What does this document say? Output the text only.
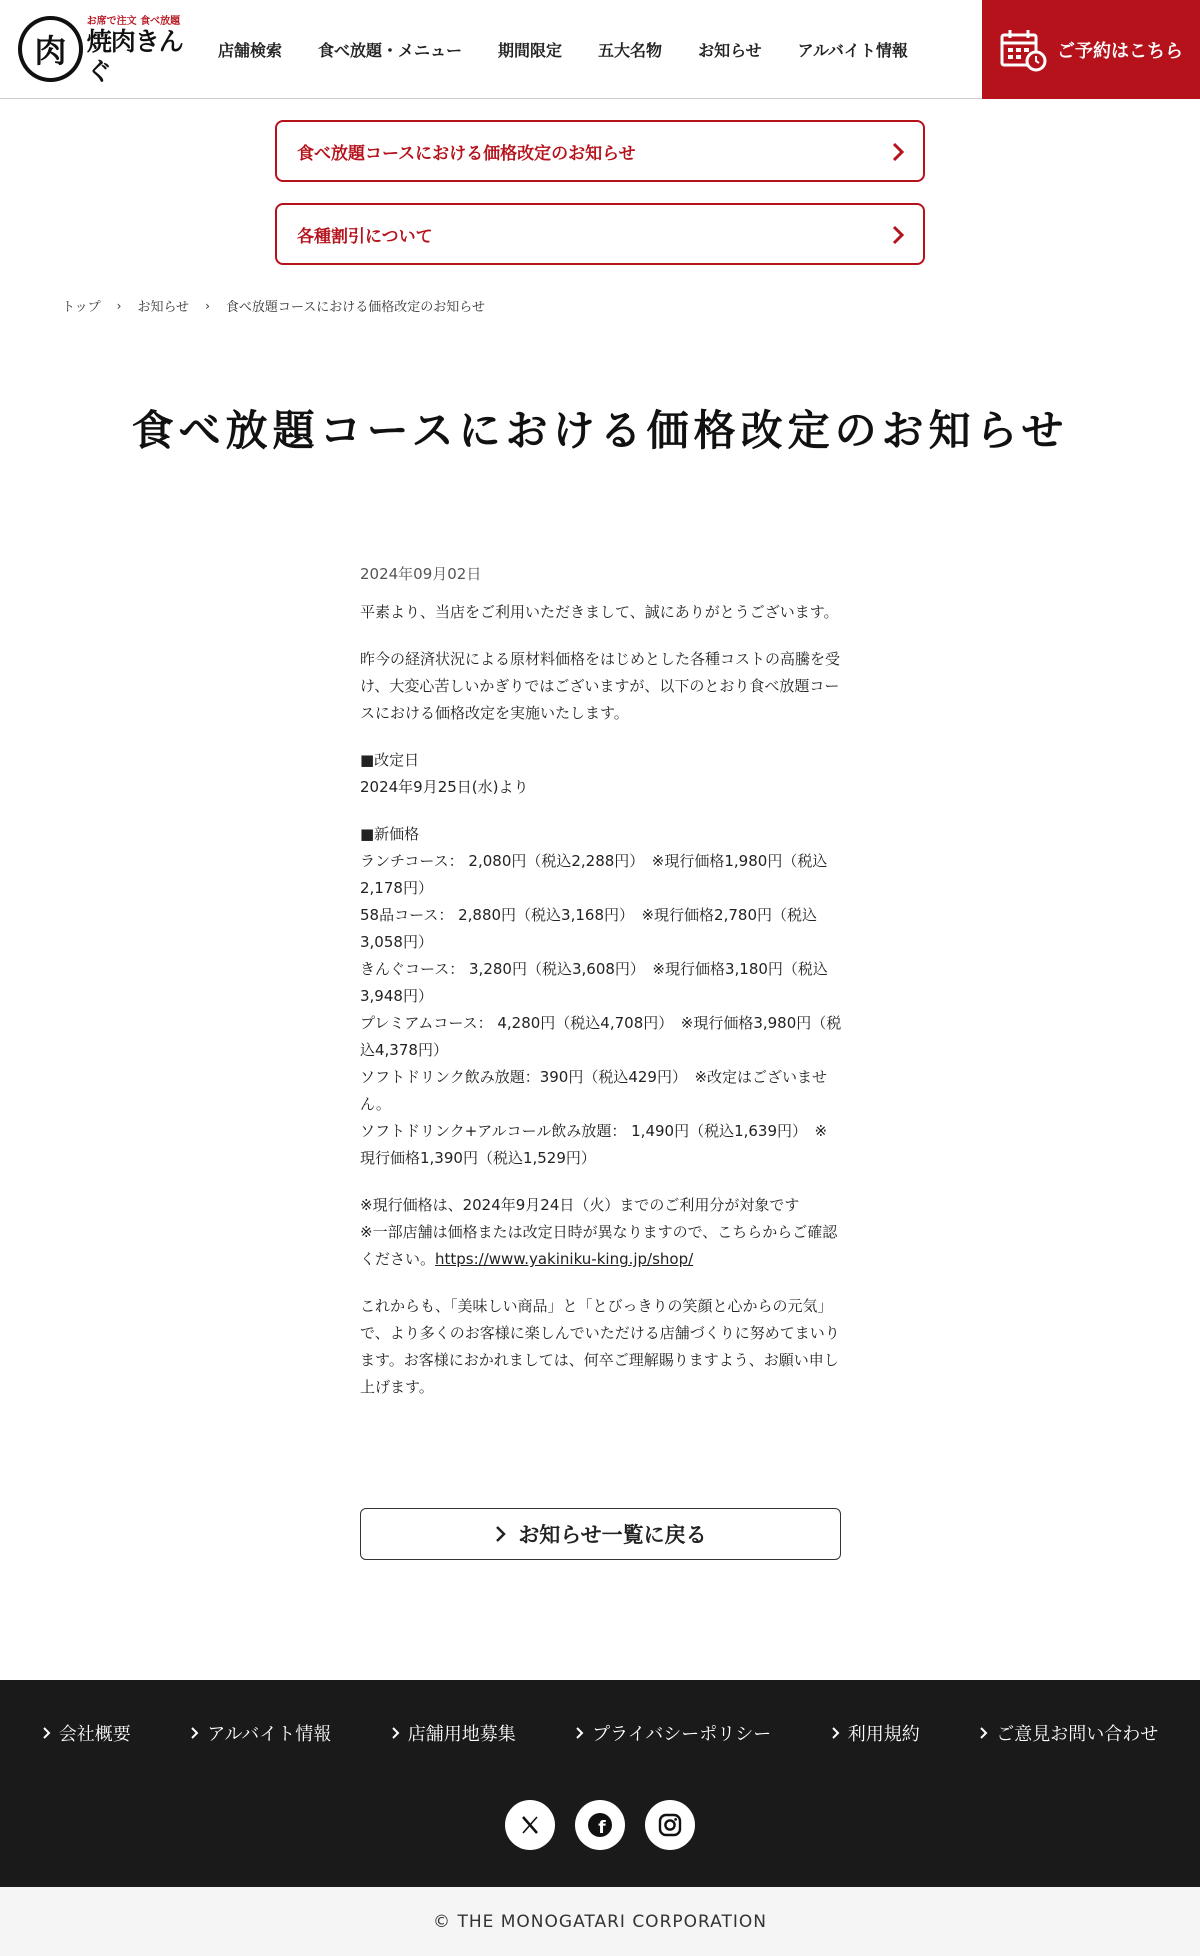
肉
お席で注文 食べ放題
焼肉きんぐ
店舗検索 食べ放題・メニュー 期間限定 五大名物 お知らせ アルバイト情報	ご予約はこちら
食べ放題コースにおける価格改定のお知らせ
各種割引について
トップ › お知らせ › 食べ放題コースにおける価格改定のお知らせ
食べ放題コースにおける価格改定のお知らせ
2024年09月02日

平素より、当店をご利用いただきまして、誠にありがとうございます。

昨今の経済状況による原材料価格をはじめとした各種コストの高騰を受け、大変心苦しいかぎりではございますが、以下のとおり食べ放題コースにおける価格改定を実施いたします。

■改定日
2024年9月25日(水)より

■新価格
ランチコース： 2,080円（税込2,288円）　※現行価格1,980円（税込2,178円）
58品コース： 2,880円（税込3,168円）　※現行価格2,780円（税込3,058円）
きんぐコース： 3,280円（税込3,608円）　※現行価格3,180円（税込3,948円）
プレミアムコース： 4,280円（税込4,708円）　※現行価格3,980円（税込4,378円）
ソフトドリンク飲み放題：390円（税込429円）　※改定はございません。
ソフトドリンク+アルコール飲み放題： 1,490円（税込1,639円）　※現行価格1,390円（税込1,529円）

※現行価格は、2024年9月24日（火）までのご利用分が対象です
※一部店舗は価格または改定日時が異なりますので、こちらからご確認ください。https://www.yakiniku-king.jp/shop/

これからも、「美味しい商品」と「とびっきりの笑顔と心からの元気」で、より多くのお客様に楽しんでいただける店舗づくりに努めてまいります。お客様におかれましては、何卒ご理解賜りますよう、お願い申し上げます。

お知らせ一覧に戻る
会社概要	アルバイト情報	店舗用地募集	プライバシーポリシー	利用規約	ご意見お問い合わせ
f
© THE MONOGATARI CORPORATION
